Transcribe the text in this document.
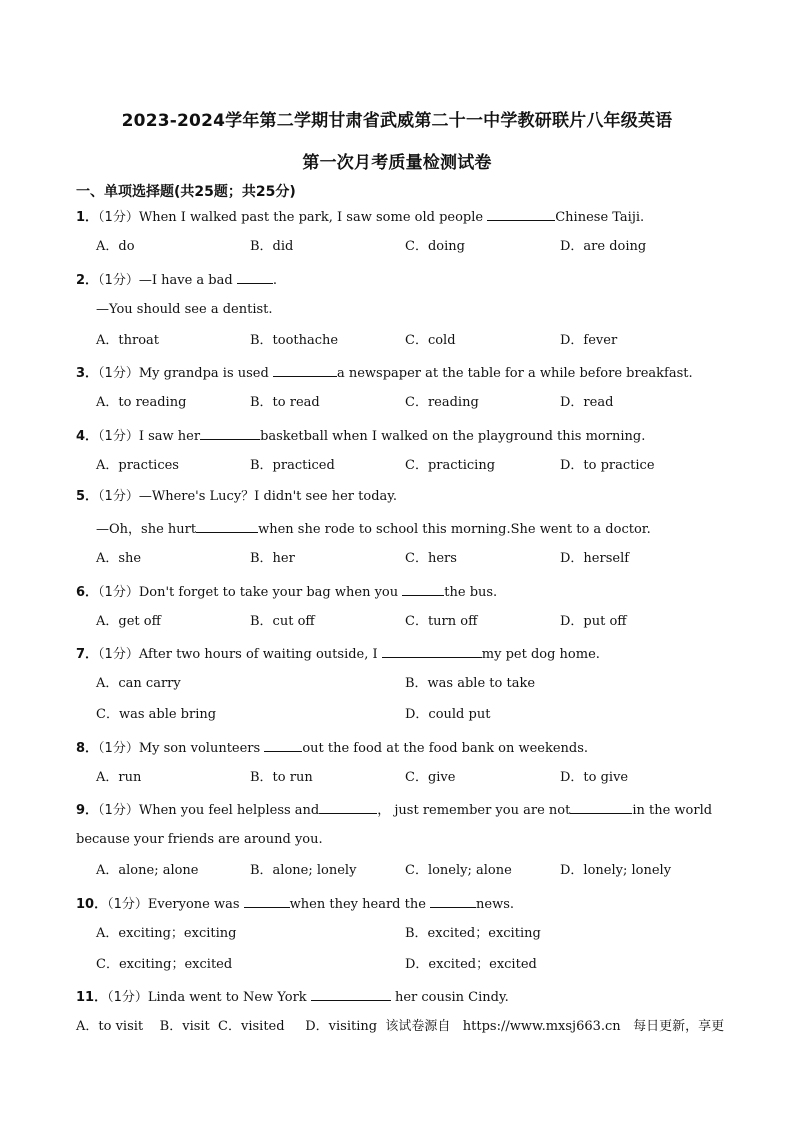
2023-2024学年第二学期甘肃省武威第二十一中学教研联片八年级英语
第一次月考质量检测试卷
一、单项选择题(共25题；共25分)
1．（1分）When I walked past the park, I saw some old people	Chinese Taiji.
A．do	B．did	C．doing	D．are doing
2．（1分）—I have a bad	.
—You should see a dentist.
A．throat	B．toothache	C．cold	D．fever
3．（1分）My grandpa is used	a newspaper at the table for a while before breakfast.
A．to reading	B．to read	C．reading	D．read
4．（1分）I saw her	basketball when I walked on the playground this morning.
A．practices	B．practiced	C．practicing	D．to practice
5．（1分）—Where's Lucy？I didn't see her today.
—Oh，she hurt	when she rode to school this morning.She went to a doctor.
A．she	B．her	C．hers	D．herself
6．（1分）Don't forget to take your bag when you	the bus.
A．get off	B．cut off	C．turn off	D．put off
7．（1分）After two hours of waiting outside, I	my pet dog home.
A．can carry	B．was able to take
C．was able bring	D．could put
8．（1分）My son volunteers	out the food at the food bank on weekends.
A．run	B．to run	C．give	D．to give
9．（1分）When you feel helpless and	， just remember you are not	in the world
because your friends are around you.
A．alone; alone	B．alone; lonely	C．lonely; alone	D．lonely; lonely
10．（1分）Everyone was	when they heard the	news.
A．exciting；exciting	B．excited；exciting
C．exciting；excited	D．excited；excited
11．（1分）Linda went to New York	her cousin Cindy.
A．to visit B．visit C．visited D．visiting 该试卷源自 https://www.mxsj663.cn 每日更新，享更
